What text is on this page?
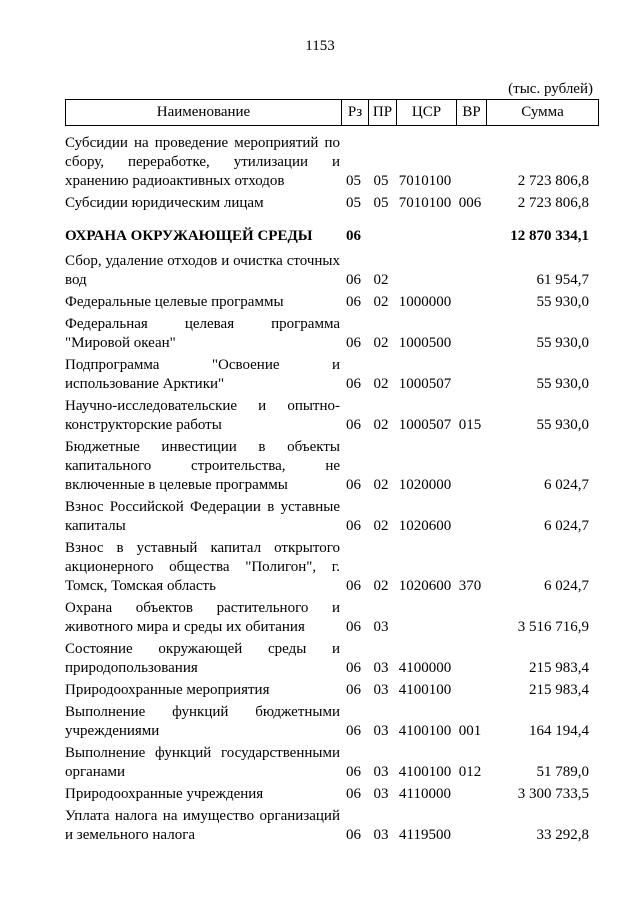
1153
(тыс. рублей)
Наименование	Рз	ПР	ЦСР	ВР	Сумма
Субсидии на проведение мероприятий по сбору, переработке, утилизации и хранению радиоактивных отходов	05	05	7010100		2 723 806,8
Субсидии юридическим лицам	05	05	7010100	006	2 723 806,8
ОХРАНА ОКРУЖАЮЩЕЙ СРЕДЫ	06				12 870 334,1
Сбор, удаление отходов и очистка сточных вод	06	02			61 954,7
Федеральные целевые программы	06	02	1000000		55 930,0
Федеральная целевая программа "Мировой океан"	06	02	1000500		55 930,0
Подпрограмма "Освоение и использование Арктики"	06	02	1000507		55 930,0
Научно-исследовательские и опытно-конструкторские работы	06	02	1000507	015	55 930,0
Бюджетные инвестиции в объекты капитального строительства, не включенные в целевые программы	06	02	1020000		6 024,7
Взнос Российской Федерации в уставные капиталы	06	02	1020600		6 024,7
Взнос в уставный капитал открытого акционерного общества "Полигон", г. Томск, Томская область	06	02	1020600	370	6 024,7
Охрана объектов растительного и животного мира и среды их обитания	06	03			3 516 716,9
Состояние окружающей среды и природопользования	06	03	4100000		215 983,4
Природоохранные мероприятия	06	03	4100100		215 983,4
Выполнение функций бюджетными учреждениями	06	03	4100100	001	164 194,4
Выполнение функций государственными органами	06	03	4100100	012	51 789,0
Природоохранные учреждения	06	03	4110000		3 300 733,5
Уплата налога на имущество организаций и земельного налога	06	03	4119500		33 292,8
